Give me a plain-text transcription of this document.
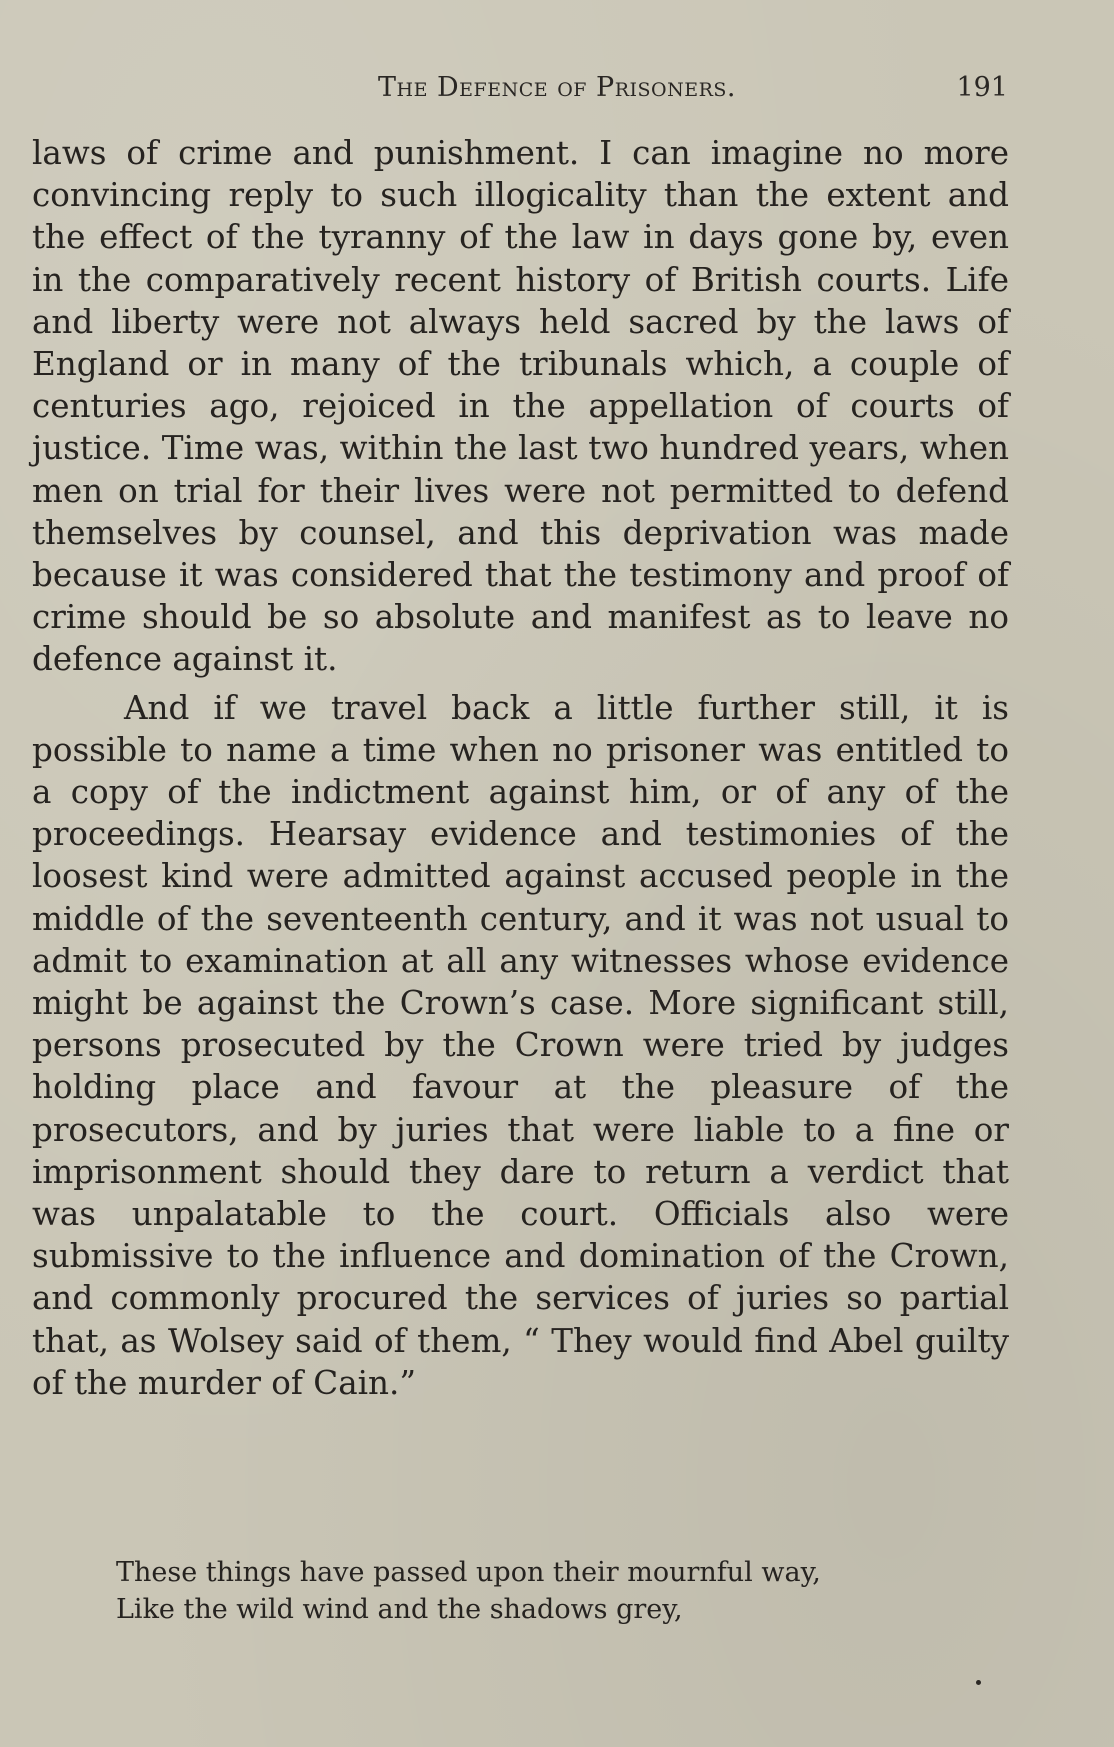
The Defence of Prisoners.	191

laws of crime and punishment. I can imagine no more convincing reply to such illogicality than the extent and the effect of the tyranny of the law in days gone by, even in the comparatively recent history of British courts. Life and liberty were not always held sacred by the laws of England or in many of the tribunals which, a couple of centuries ago, rejoiced in the appellation of courts of justice. Time was, within the last two hundred years, when men on trial for their lives were not permitted to defend themselves by counsel, and this deprivation was made because it was considered that the testimony and proof of crime should be so absolute and manifest as to leave no defence against it.

And if we travel back a little further still, it is possible to name a time when no prisoner was entitled to a copy of the indictment against him, or of any of the proceedings. Hearsay evidence and testimonies of the loosest kind were admitted against accused people in the middle of the seventeenth century, and it was not usual to admit to examination at all any witnesses whose evidence might be against the Crown’s case. More significant still, persons prosecuted by the Crown were tried by judges holding place and favour at the pleasure of the prosecutors, and by juries that were liable to a fine or imprisonment should they dare to return a verdict that was unpalatable to the court. Officials also were submissive to the influence and domination of the Crown, and commonly procured the services of juries so partial that, as Wolsey said of them, “ They would find Abel guilty of the murder of Cain.”

These things have passed upon their mournful way,
Like the wild wind and the shadows grey,
